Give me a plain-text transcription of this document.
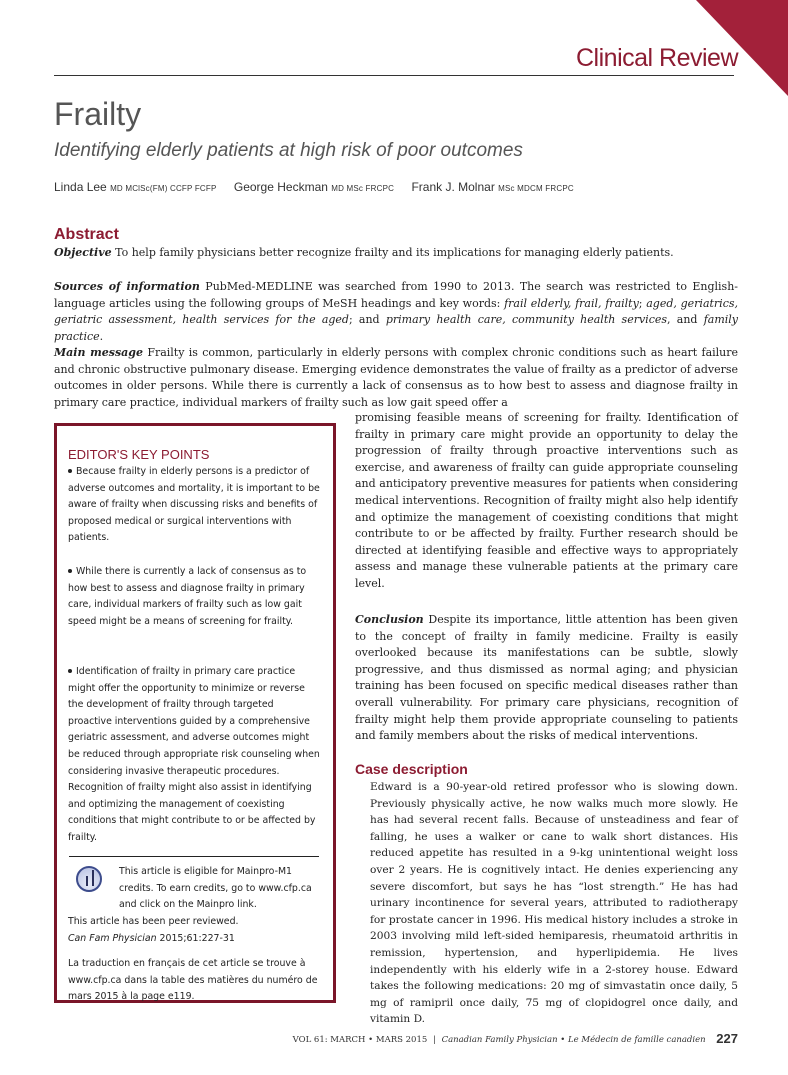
Clinical Review
Frailty
Identifying elderly patients at high risk of poor outcomes
Linda Lee MD MClSc(FM) CCFP FCFP George Heckman MD MSc FRCPC Frank J. Molnar MSc MDCM FRCPC
Abstract

Objective To help family physicians better recognize frailty and its implications for managing elderly patients.

Sources of information PubMed-MEDLINE was searched from 1990 to 2013. The search was restricted to English-language articles using the following groups of MeSH headings and key words: frail elderly, frail, frailty; aged, geriatrics, geriatric assessment, health services for the aged; and primary health care, community health services, and family practice.

Main message Frailty is common, particularly in elderly persons with complex chronic conditions such as heart failure and chronic obstructive pulmonary disease. Emerging evidence demonstrates the value of frailty as a predictor of adverse outcomes in older persons. While there is currently a lack of consensus as to how best to assess and diagnose frailty in primary care practice, individual markers of frailty such as low gait speed offer a

promising feasible means of screening for frailty. Identification of frailty in primary care might provide an opportunity to delay the progression of frailty through proactive interventions such as exercise, and awareness of frailty can guide appropriate counseling and anticipatory preventive measures for patients when considering medical interventions. Recognition of frailty might also help identify and optimize the management of coexisting conditions that might contribute to or be affected by frailty. Further research should be directed at identifying feasible and effective ways to appropriately assess and manage these vulnerable patients at the primary care level.

Conclusion Despite its importance, little attention has been given to the concept of frailty in family medicine. Frailty is easily overlooked because its manifestations can be subtle, slowly progressive, and thus dismissed as normal aging; and physician training has been focused on specific medical diseases rather than overall vulnerability. For primary care physicians, recognition of frailty might help them provide appropriate counseling to patients and family members about the risks of medical interventions.

Case description

Edward is a 90-year-old retired professor who is slowing down. Previously physically active, he now walks much more slowly. He has had several recent falls. Because of unsteadiness and fear of falling, he uses a walker or cane to walk short distances. His reduced appetite has resulted in a 9-kg unintentional weight loss over 2 years. He is cognitively intact. He denies experiencing any severe discomfort, but says he has “lost strength.” He has had urinary incontinence for several years, attributed to radiotherapy for prostate cancer in 1996. His medical history includes a stroke in 2003 involving mild left-sided hemiparesis, rheumatoid arthritis in remission, hypertension, and hyperlipidemia. He lives independently with his elderly wife in a 2-storey house. Edward takes the following medications: 20 mg of simvastatin once daily, 5 mg of ramipril once daily, 75 mg of clopidogrel once daily, and vitamin D.

EDITOR'S KEY POINTS
Because frailty in elderly persons is a predictor of adverse outcomes and mortality, it is important to be aware of frailty when discussing risks and benefits of proposed medical or surgical interventions with patients.
While there is currently a lack of consensus as to how best to assess and diagnose frailty in primary care, individual markers of frailty such as low gait speed might be a means of screening for frailty.
Identification of frailty in primary care practice might offer the opportunity to minimize or reverse the development of frailty through targeted proactive interventions guided by a comprehensive geriatric assessment, and adverse outcomes might be reduced through appropriate risk counseling when considering invasive therapeutic procedures. Recognition of frailty might also assist in identifying and optimizing the management of coexisting conditions that might contribute to or be affected by frailty.
This article is eligible for Mainpro-M1 credits. To earn credits, go to www.cfp.ca and click on the Mainpro link.
This article has been peer reviewed.
Can Fam Physician 2015;61:227-31
La traduction en français de cet article se trouve à www.cfp.ca dans la table des matières du numéro de mars 2015 à la page e119.
VOL 61: MARCH • MARS 2015 | Canadian Family Physician • Le Médecin de famille canadien 227
